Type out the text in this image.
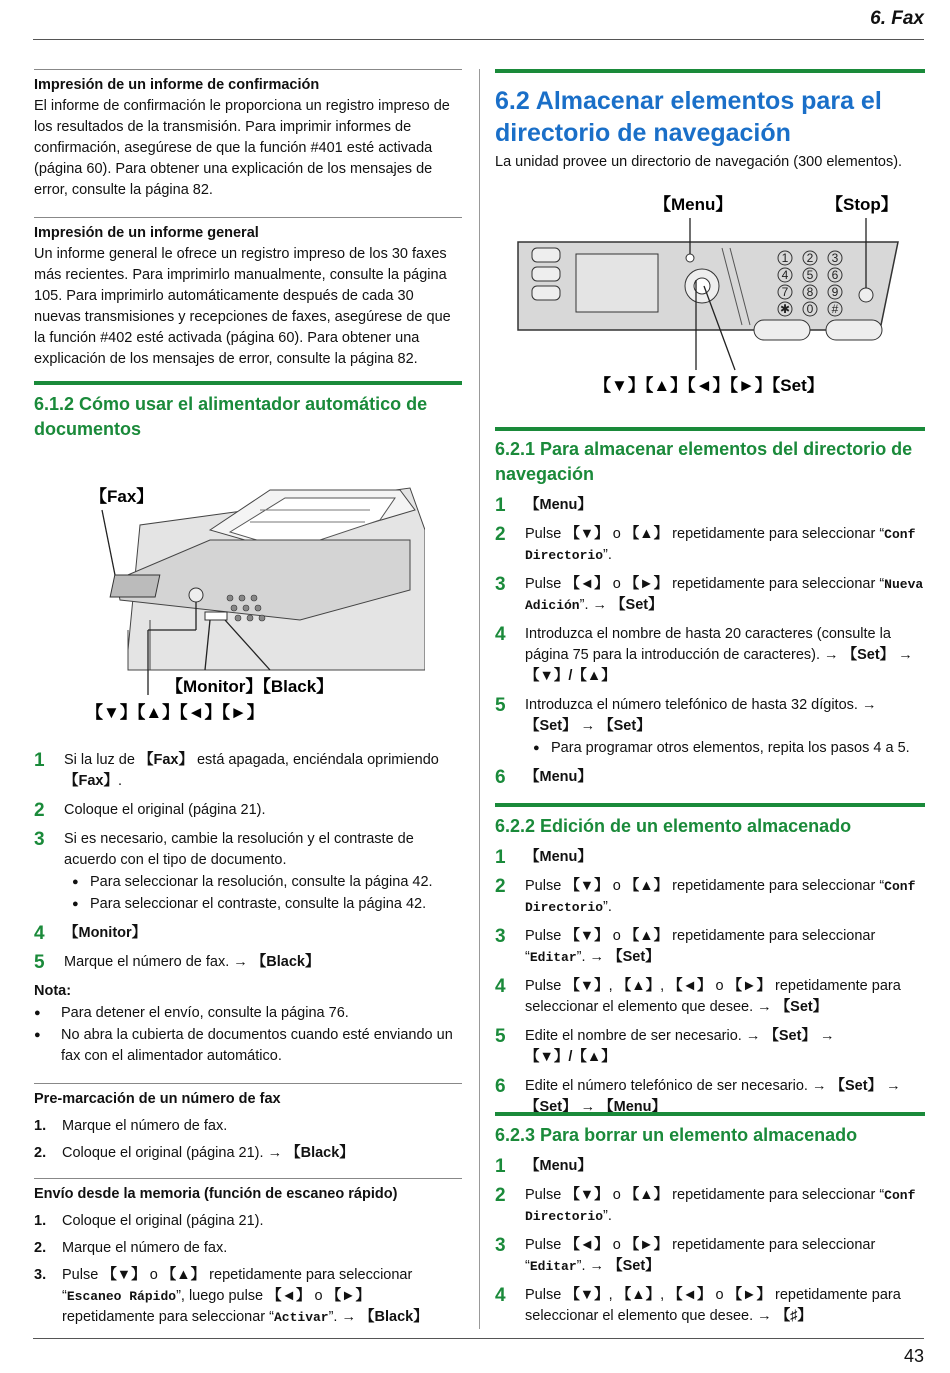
6. Fax
43
Impresión de un informe de confirmación
El informe de confirmación le proporciona un registro impreso de los resultados de la transmisión. Para imprimir informes de confirmación, asegúrese de que la función #401 esté activada (página 60). Para obtener una explicación de los mensajes de error, consulte la página 82.
Impresión de un informe general
Un informe general le ofrece un registro impreso de los 30 faxes más recientes. Para imprimirlo manualmente, consulte la página 105. Para imprimirlo automáticamente después de cada 30 nuevas transmisiones y recepciones de faxes, asegúrese de que la función #402 esté activada (página 60). Para obtener una explicación de los mensajes de error, consulte la página 82.
6.1.2 Cómo usar el alimentador automático de documentos
【Fax】
【Monitor】【Black】
【▼】【▲】【◄】【►】
1	Si la luz de 【Fax】 está apagada, enciéndala oprimiendo 【Fax】.
2	Coloque el original (página 21).
3	Si es necesario, cambie la resolución y el contraste de acuerdo con el tipo de documento.
● Para seleccionar la resolución, consulte la página 42.
● Para seleccionar el contraste, consulte la página 42.
4	【Monitor】
5	Marque el número de fax. → 【Black】
Nota:
●	Para detener el envío, consulte la página 76.
●	No abra la cubierta de documentos cuando esté enviando un fax con el alimentador automático.
Pre-marcación de un número de fax
1.	Marque el número de fax.
2.	Coloque el original (página 21). → 【Black】
Envío desde la memoria (función de escaneo rápido)
1.	Coloque el original (página 21).
2.	Marque el número de fax.
3.	Pulse 【▼】 o 【▲】 repetidamente para seleccionar “Escaneo Rápido”, luego pulse 【◄】 o 【►】 repetidamente para seleccionar “Activar”. → 【Black】
6.2 Almacenar elementos para el directorio de navegación
La unidad provee un directorio de navegación (300 elementos).
【Menu】	【Stop】
1 2 3
4 5 6
7 8 9
✱ 0 #
【▼】【▲】【◄】【►】【Set】
6.2.1 Para almacenar elementos del directorio de navegación
1	【Menu】
2	Pulse 【▼】 o 【▲】 repetidamente para seleccionar “Conf Directorio”.
3	Pulse 【◄】 o 【►】 repetidamente para seleccionar “Nueva Adición”. → 【Set】
4	Introduzca el nombre de hasta 20 caracteres (consulte la página 75 para la introducción de caracteres). → 【Set】 → 【▼】/【▲】
5	Introduzca el número telefónico de hasta 32 dígitos. → 【Set】 → 【Set】
● Para programar otros elementos, repita los pasos 4 a 5.
6	【Menu】
6.2.2 Edición de un elemento almacenado
1	【Menu】
2	Pulse 【▼】 o 【▲】 repetidamente para seleccionar “Conf Directorio”.
3	Pulse 【▼】 o 【▲】 repetidamente para seleccionar “Editar”. → 【Set】
4	Pulse 【▼】, 【▲】, 【◄】 o 【►】 repetidamente para seleccionar el elemento que desee. → 【Set】
5	Edite el nombre de ser necesario. → 【Set】 → 【▼】/【▲】
6	Edite el número telefónico de ser necesario. → 【Set】 → 【Set】 → 【Menu】
6.2.3 Para borrar un elemento almacenado
1	【Menu】
2	Pulse 【▼】 o 【▲】 repetidamente para seleccionar “Conf Directorio”.
3	Pulse 【◄】 o 【►】 repetidamente para seleccionar “Editar”. → 【Set】
4	Pulse 【▼】, 【▲】, 【◄】 o 【►】 repetidamente para seleccionar el elemento que desee. → 【♯】
